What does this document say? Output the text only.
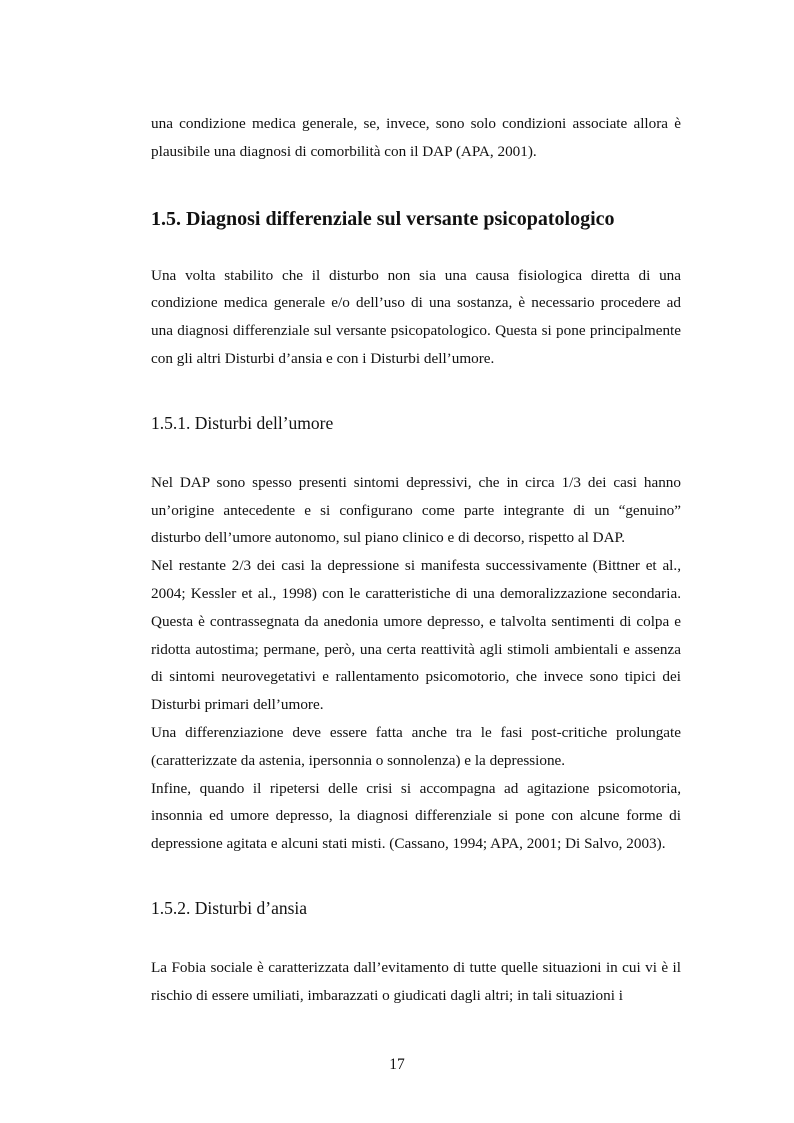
una condizione medica generale, se, invece, sono solo condizioni associate allora è plausibile una diagnosi di comorbilità con il DAP (APA, 2001).

1.5. Diagnosi differenziale sul versante psicopatologico

Una volta stabilito che il disturbo non sia una causa fisiologica diretta di una condizione medica generale e/o dell’uso di una sostanza, è necessario procedere ad una diagnosi differenziale sul versante psicopatologico. Questa si pone principalmente con gli altri Disturbi d’ansia e con i Disturbi dell’umore.

1.5.1. Disturbi dell’umore

Nel DAP sono spesso presenti sintomi depressivi, che in circa 1/3 dei casi hanno un’origine antecedente e si configurano come parte integrante di un “genuino” disturbo dell’umore autonomo, sul piano clinico e di decorso, rispetto al DAP.

Nel restante 2/3 dei casi la depressione si manifesta successivamente (Bittner et al., 2004; Kessler et al., 1998) con le caratteristiche di una demoralizzazione secondaria. Questa è contrassegnata da anedonia umore depresso, e talvolta sentimenti di colpa e ridotta autostima; permane, però, una certa reattività agli stimoli ambientali e assenza di sintomi neurovegetativi e rallentamento psicomotorio, che invece sono tipici dei Disturbi primari dell’umore.

Una differenziazione deve essere fatta anche tra le fasi post-critiche prolungate (caratterizzate da astenia, ipersonnia o sonnolenza) e la depressione.

Infine, quando il ripetersi delle crisi si accompagna ad agitazione psicomotoria, insonnia ed umore depresso, la diagnosi differenziale si pone con alcune forme di depressione agitata e alcuni stati misti. (Cassano, 1994; APA, 2001; Di Salvo, 2003).

1.5.2. Disturbi d’ansia

La Fobia sociale è caratterizzata dall’evitamento di tutte quelle situazioni in cui vi è il rischio di essere umiliati, imbarazzati o giudicati dagli altri; in tali situazioni i

17
